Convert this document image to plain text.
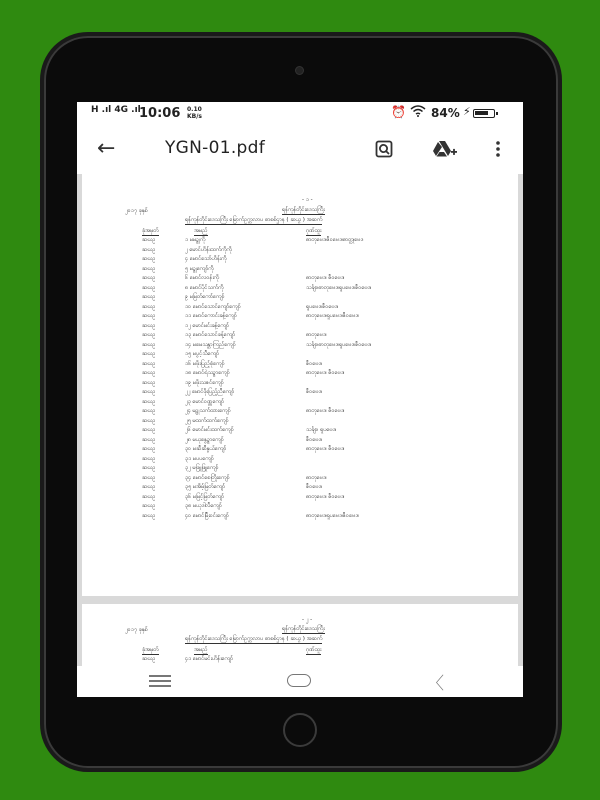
H .ıl 4G .ıl
10:06 0.10
KB/s	⏰ 84% ⚡
←	YGN-01.pdf
- ၁ -
၂၀၁၇ ခုနှစ်	ရန်ကုန်တိုင်းဒေသကြီး
ရန်ကုန်တိုင်းဒေသကြီး မြောက်ဥက္ကလာပ စာစစ်ဌာန ( ဆယ္ဂ ) အဆက်
ခုံအမှတ်	အမည်	ဂုဏ်ထူး
ဆဃဥ	၁ မမဥ္စုကို	ဓာတုဗေဒ၊ဇီဝဗေဒ၊ဓာတ္ထုဗေဒ
ဆဃဥ	၂ မောင်ဟိန်းထက်ကိုကို
ဆဃဥ	၄ မောင်သော်ဟိန်းကို
ဆဃဥ	၅ မဥ္စုကျော်ကို
ဆဃဥ	၆ မောင်လဝန်းကို	ဓာတုဗေဒ၊ ဇီဝဗေဒ၊
ဆဃဥ	၈ မောင်ပိုင်သက်ကို	သင်္ချာ၊ဓာတုဗေဒ၊ရူပဗေဒ၊ဇီဝဗေဒ၊
ဆဃဥ	၉ မမြတ်ကော်ကျော်
ဆဃဥ	၁၀ မောင်သောင်ကျော်ကျော်	ရူပဗေဒ၊ဇီဝဗေဒ၊
ဆဃဥ	၁၁ မောင်ကောင်းခန့်ကျော်	ဓာတုဗေဒ၊ရူပဗေဒ၊ဇီဝဗေဒ၊
ဆဃဥ	၁၂ မောင်မင်းခန့်ကျော်
ဆဃဥ	၁၃ မောင်သောင်ခန့်ကျော်	ဓာတုဗေဒ၊
ဆဃဥ	၁၄ မမေသန္တာကြည်ကျော်	သင်္ချာ၊ဓာတုဗေဒ၊ရူပဗေဒ၊ဇီဝဗေဒ၊
ဆဃဥ	၁၅ မပွင့်သီကျော်
ဆဃဥ	၁၆ မဖိုးပြည့်စုံကျော်	ဇီဝဗေဒ၊
ဆဃဥ	၁၈ မောင်ရဲသဥ္စာကျော်	ဓာတုဗေဒ၊ ဇီဝဗေဒ၊
ဆဃဥ	၁၉ မဖိုးသဇင်ကျော်
ဆဃဥ	၂၂ မောင်ဖိုးပြည့်ညီကျော်	ဇီဝဗေဒ၊
ဆဃဥ	၂၃ မောင်ဝဏ္ဏကျော်
ဆဃဥ	၂၄ မဥ္စုသက်ထားကျော်	ဓာတုဗေဒ၊ ဇီဝဗေဒ၊
ဆဃဥ	၂၅ မထက်ထက်ကျော်
ဆဃဥ	၂၆ မောင်မင်းထက်ကျော်	သင်္ချာ၊ ရူပဗေဒ၊
ဆဃဥ	၂၈ မယုနွေဥ္စာကျော်	ဇီဝဗေဒ၊
ဆဃဥ	၃၀ မဆီဆီနွယ်ကျော်	ဓာတုဗေဒ၊ ဇီဝဗေဒ၊
ဆဃဥ	၃၁ မပပကျော်
ဆဃဥ	၃၂ မဖြူဖြူကျော်
ဆဃဥ	၃၄ မောင်စေတြိုးကျော်	ဓာတုဗေဒ၊
ဆဃဥ	၃၅ မအိမ့်မြတ်ကျော်	ဇီဝဗေဒ၊
ဆဃဥ	၃၆ မမြင့်မြတ်ကျော်	ဓာတုဗေဒ၊ ဇီဝဗေဒ၊
ဆဃဥ	၃၈ မယုဒါလီကျော်
ဆဃဥ	၄၀ မောင်မြီးဝင်းကျော်	ဓာတုဗေဒ၊ရူပဗေဒ၊ဇီဝဗေဒ၊
- ၂ -
၂၀၁၇ ခုနှစ်	ရန်ကုန်တိုင်းဒေသကြီး
ရန်ကုန်တိုင်းဒေသကြီး မြောက်ဥက္ကလာပ စာစစ်ဌာန ( ဆယ္ဂ ) အဆက်
ခုံအမှတ်	အမည်	ဂုဏ်ထူး
ဆဃဥ	၄၁ မောင်မင်းဟိန်းကျော်
〈
